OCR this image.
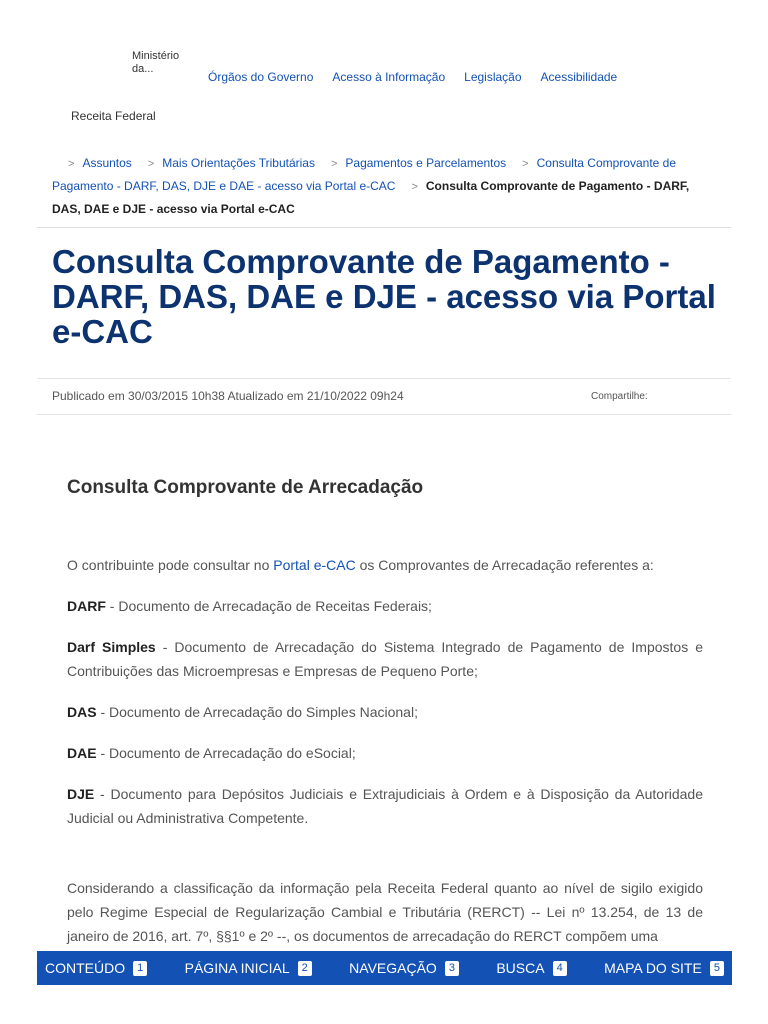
Ministério da...
Órgãos do Governo Acesso à Informação Legislação Acessibilidade
Receita Federal
> Assuntos > Mais Orientações Tributárias > Pagamentos e Parcelamentos > Consulta Comprovante de Pagamento - DARF, DAS, DJE e DAE - acesso via Portal e-CAC > Consulta Comprovante de Pagamento - DARF, DAS, DAE e DJE - acesso via Portal e-CAC
Consulta Comprovante de Pagamento - DARF, DAS, DAE e DJE - acesso via Portal e-CAC
Publicado em 30/03/2015 10h38 Atualizado em 21/10/2022 09h24	Compartilhe:
Consulta Comprovante de Arrecadação

O contribuinte pode consultar no Portal e-CAC os Comprovantes de Arrecadação referentes a:

DARF - Documento de Arrecadação de Receitas Federais;

Darf Simples - Documento de Arrecadação do Sistema Integrado de Pagamento de Impostos e Contribuições das Microempresas e Empresas de Pequeno Porte;

DAS - Documento de Arrecadação do Simples Nacional;

DAE - Documento de Arrecadação do eSocial;

DJE - Documento para Depósitos Judiciais e Extrajudiciais à Ordem e à Disposição da Autoridade Judicial ou Administrativa Competente.

Considerando a classificação da informação pela Receita Federal quanto ao nível de sigilo exigido pelo Regime Especial de Regularização Cambial e Tributária (RERCT) -- Lei nº 13.254, de 13 de janeiro de 2016, art. 7º, §§1º e 2º --, os documentos de arrecadação do RERCT compõem uma

CONTEÚDO	1	PÁGINA INICIAL	2	NAVEGAÇÃO	3	BUSCA	4	MAPA DO SITE	5
